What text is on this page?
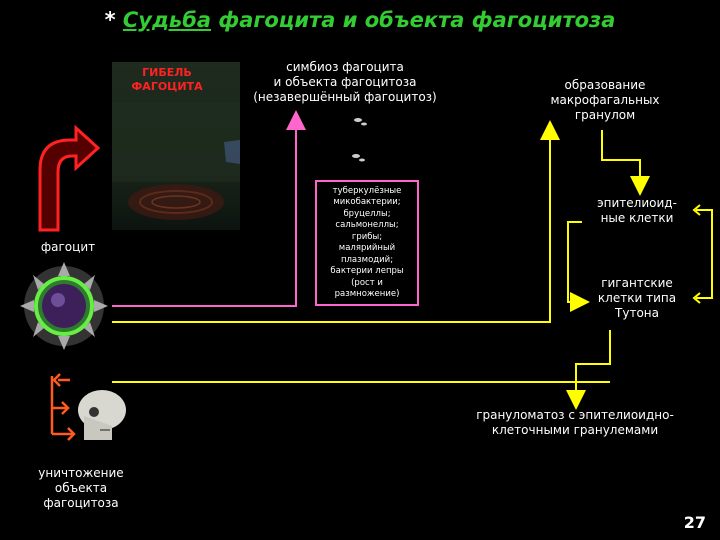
* Судьба фагоцита и объекта фагоцитоза
ГИБЕЛЬ
ФАГОЦИТА
симбиоз фагоцита
и объекта фагоцитоза
(незавершённый фагоцитоз)
туберкулёзные
микобактерии;
бруцеллы;
сальмонеллы;
грибы;
малярийный
плазмодий;
бактерии лепры
(рост и
размножение)
образование
макрофагальных
гранулом
эпителиоид-
ные клетки
гигантские
клетки типа
Тутона
грануломатоз с эпителиоидно-
клеточными гранулемами
фагоцит
уничтожение
объекта
фагоцитоза
27
